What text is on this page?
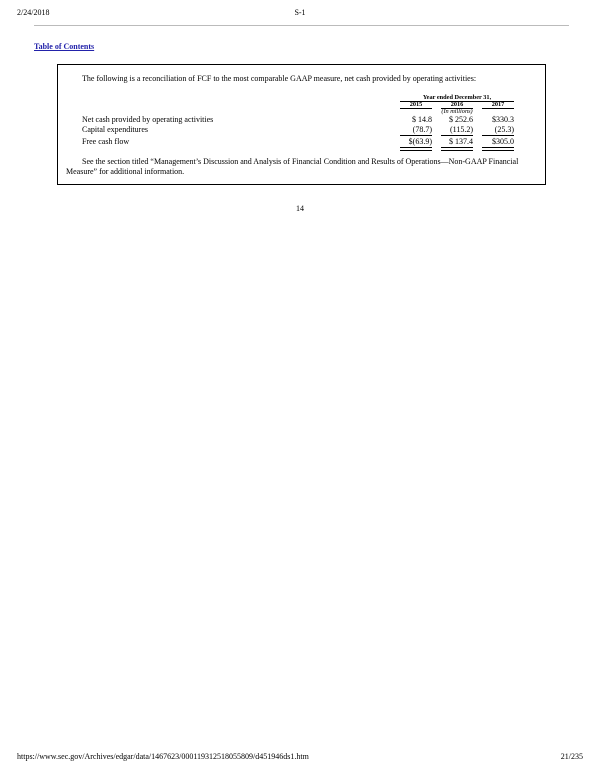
2/24/2018	S-1
Table of Contents
The following is a reconciliation of FCF to the most comparable GAAP measure, net cash provided by operating activities:
Year ended December 31,
2015	2016	2017
(In millions)
Net cash provided by operating activities	$ 14.8	$ 252.6	$330.3
Capital expenditures	(78.7)	(115.2)	(25.3)
Free cash flow	$(63.9)	$ 137.4	$305.0
See the section titled “Management’s Discussion and Analysis of Financial Condition and Results of Operations—Non-GAAP Financial
Measure” for additional information.
14
https://www.sec.gov/Archives/edgar/data/1467623/000119312518055809/d451946ds1.htm	21/235
